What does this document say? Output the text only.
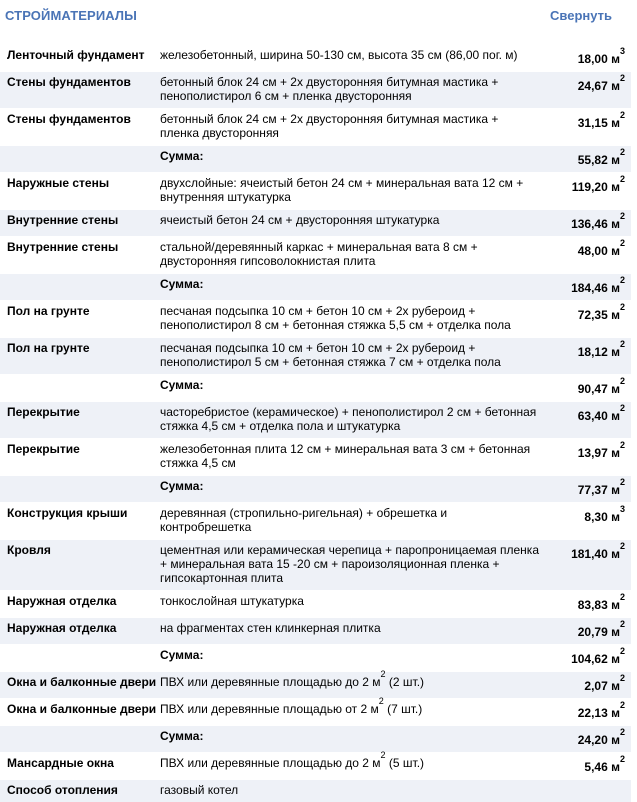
СТРОЙМАТЕРИАЛЫ	Свернуть
Ленточный фундамент	железобетонный, ширина 50-130 см, высота 35 см (86,00 пог. м)	18,00 $м^3$
Стены фундаментов	бетонный блок 24 см + 2х двусторонняя битумная мастика + пенополистирол 6 см + пленка двусторонняя	24,67 $м^2$
Стены фундаментов	бетонный блок 24 см + 2х двусторонняя битумная мастика + пленка двусторонняя	31,15 $м^2$
	Сумма:	55,82 $м^2$
Наружные стены	двухслойные: ячеистый бетон 24 см + минеральная вата 12 см + внутренняя штукатурка	119,20 $м^2$
Внутренние стены	ячеистый бетон 24 см + двусторонняя штукатурка	136,46 $м^2$
Внутренние стены	стальной/деревянный каркас + минеральная вата 8 см + двусторонняя гипсоволокнистая плита	48,00 $м^2$
	Сумма:	184,46 $м^2$
Пол на грунте	песчаная подсыпка 10 см + бетон 10 см + 2х рубероид + пенополистирол 8 см + бетонная стяжка 5,5 см + отделка пола	72,35 $м^2$
Пол на грунте	песчаная подсыпка 10 см + бетон 10 см + 2х рубероид + пенополистирол 5 см + бетонная стяжка 7 см + отделка пола	18,12 $м^2$
	Сумма:	90,47 $м^2$
Перекрытие	часторебристое (керамическое) + пенополистирол 2 см + бетонная стяжка 4,5 см + отделка пола и штукатурка	63,40 $м^2$
Перекрытие	железобетонная плита 12 см + минеральная вата 3 см + бетонная стяжка 4,5 см	13,97 $м^2$
	Сумма:	77,37 $м^2$
Конструкция крыши	деревянная (стропильно-ригельная) + обрешетка и контробрешетка	8,30 $м^3$
Кровля	цементная или керамическая черепица + паропроницаемая пленка + минеральная вата 15 -20 см + пароизоляционная пленка + гипсокартонная плита	181,40 $м^2$
Наружная отделка	тонкослойная штукатурка	83,83 $м^2$
Наружная отделка	на фрагментах стен клинкерная плитка	20,79 $м^2$
	Сумма:	104,62 $м^2$
Окна и балконные двери	ПВХ или деревянные площадью до 2 $м^2$ (2 шт.)	2,07 $м^2$
Окна и балконные двери	ПВХ или деревянные площадью от 2 $м^2$ (7 шт.)	22,13 $м^2$
	Сумма:	24,20 $м^2$
Мансардные окна	ПВХ или деревянные площадью до 2 $м^2$ (5 шт.)	5,46 $м^2$
Способ отопления	газовый котел	
